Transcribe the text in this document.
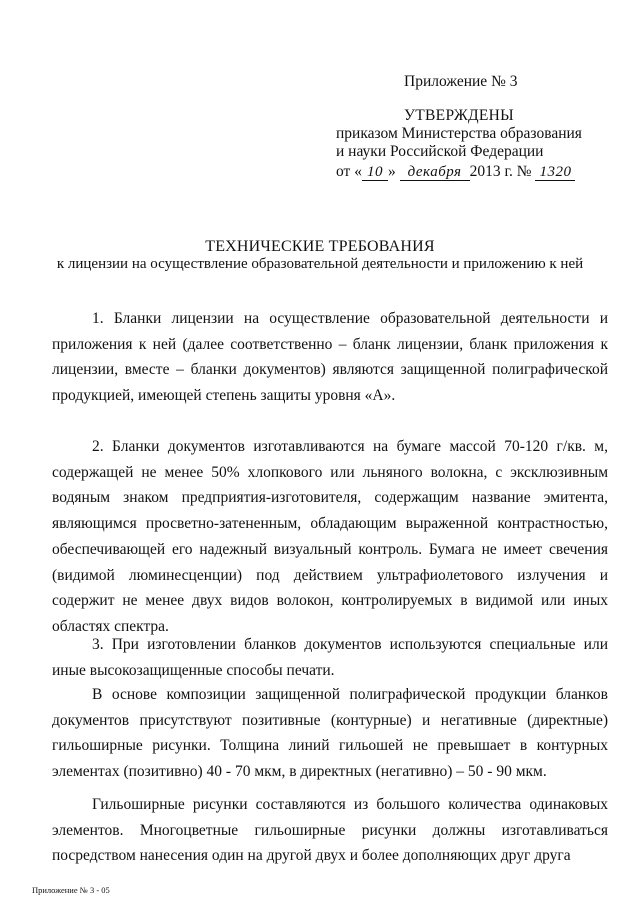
Приложение № 3
УТВЕРЖДЕНЫ
приказом Министерства образования
и науки Российской Федерации
от « 10 » декабря 2013 г. № 1320
ТЕХНИЧЕСКИЕ ТРЕБОВАНИЯ
к лицензии на осуществление образовательной деятельности и приложению к ней

1. Бланки лицензии на осуществление образовательной деятельности и приложения к ней (далее соответственно – бланк лицензии, бланк приложения к лицензии, вместе – бланки документов) являются защищенной полиграфической продукцией, имеющей степень защиты уровня «А».

2. Бланки документов изготавливаются на бумаге массой 70-120 г/кв. м, содержащей не менее 50% хлопкового или льняного волокна, с эксклюзивным водяным знаком предприятия-изготовителя, содержащим название эмитента, являющимся просветно-затененным, обладающим выраженной контрастностью, обеспечивающей его надежный визуальный контроль. Бумага не имеет свечения (видимой люминесценции) под действием ультрафиолетового излучения и содержит не менее двух видов волокон, контролируемых в видимой или иных областях спектра.

3. При изготовлении бланков документов используются специальные или иные высокозащищенные способы печати.

В основе композиции защищенной полиграфической продукции бланков документов присутствуют позитивные (контурные) и негативные (директные) гильоширные рисунки. Толщина линий гильошей не превышает в контурных элементах (позитивно) 40 - 70 мкм, в директных (негативно) – 50 - 90 мкм.

Гильоширные рисунки составляются из большого количества одинаковых элементов. Многоцветные гильоширные рисунки должны изготавливаться посредством нанесения один на другой двух и более дополняющих друг друга

Приложение № 3 - 05
